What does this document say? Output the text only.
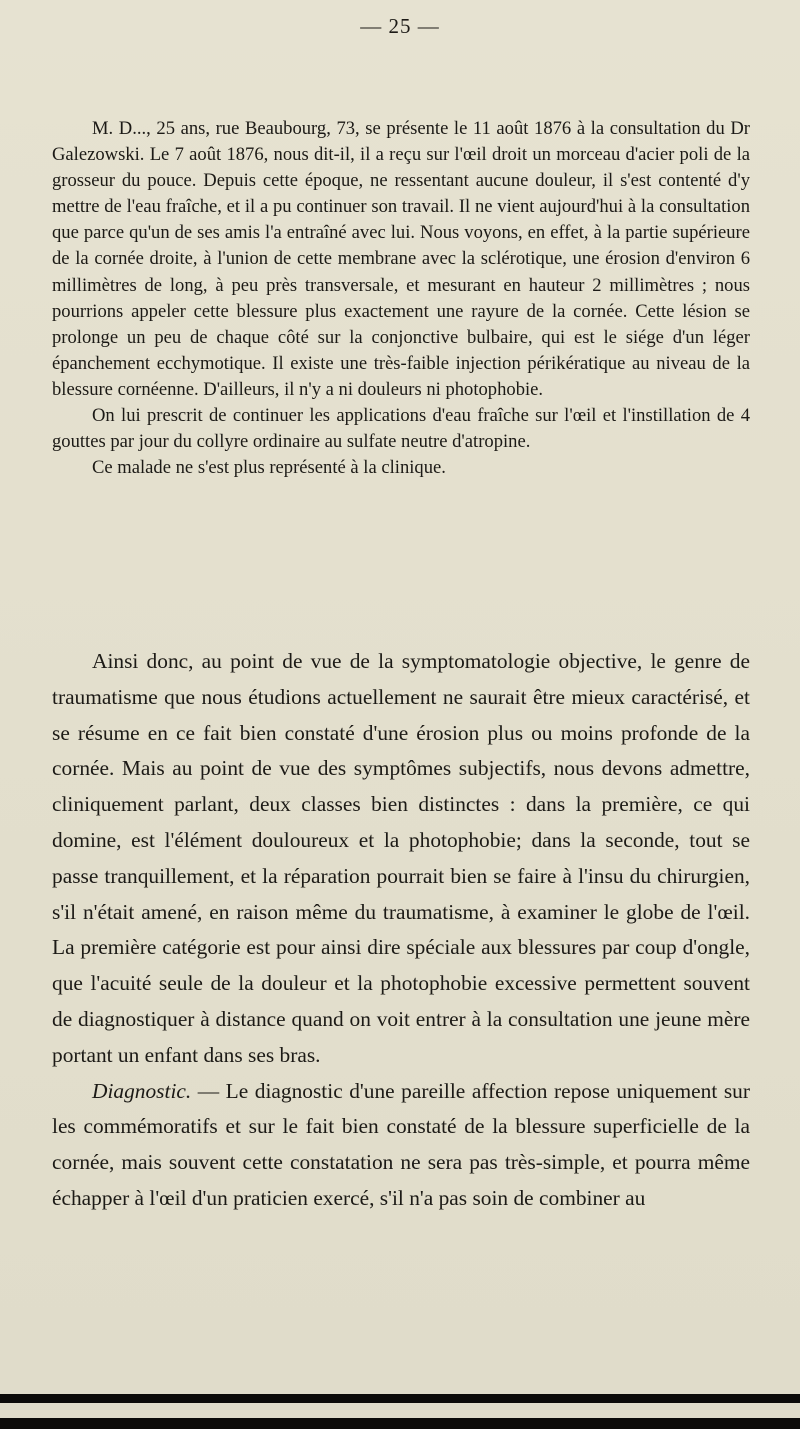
— 25 —

M. D..., 25 ans, rue Beaubourg, 73, se présente le 11 août 1876 à la consultation du Dr Galezowski. Le 7 août 1876, nous dit-il, il a reçu sur l'œil droit un morceau d'acier poli de la grosseur du pouce. Depuis cette époque, ne ressentant aucune douleur, il s'est contenté d'y mettre de l'eau fraîche, et il a pu continuer son travail. Il ne vient aujourd'hui à la consultation que parce qu'un de ses amis l'a entraîné avec lui. Nous voyons, en effet, à la partie supérieure de la cornée droite, à l'union de cette membrane avec la sclérotique, une érosion d'environ 6 millimètres de long, à peu près transversale, et mesurant en hauteur 2 millimètres ; nous pourrions appeler cette blessure plus exactement une rayure de la cornée. Cette lésion se prolonge un peu de chaque côté sur la conjonctive bulbaire, qui est le siége d'un léger épanchement ecchymotique. Il existe une très-faible injection périkératique au niveau de la blessure cornéenne. D'ailleurs, il n'y a ni douleurs ni photophobie.

On lui prescrit de continuer les applications d'eau fraîche sur l'œil et l'instillation de 4 gouttes par jour du collyre ordinaire au sulfate neutre d'atropine.

Ce malade ne s'est plus représenté à la clinique.

Ainsi donc, au point de vue de la symptomatologie objective, le genre de traumatisme que nous étudions actuellement ne saurait être mieux caractérisé, et se résume en ce fait bien constaté d'une érosion plus ou moins profonde de la cornée. Mais au point de vue des symptômes subjectifs, nous devons admettre, cliniquement parlant, deux classes bien distinctes : dans la première, ce qui domine, est l'élément douloureux et la photophobie; dans la seconde, tout se passe tranquillement, et la réparation pourrait bien se faire à l'insu du chirurgien, s'il n'était amené, en raison même du traumatisme, à examiner le globe de l'œil. La première catégorie est pour ainsi dire spéciale aux blessures par coup d'ongle, que l'acuité seule de la douleur et la photophobie excessive permettent souvent de diagnostiquer à distance quand on voit entrer à la consultation une jeune mère portant un enfant dans ses bras.

Diagnostic. — Le diagnostic d'une pareille affection repose uniquement sur les commémoratifs et sur le fait bien constaté de la blessure superficielle de la cornée, mais souvent cette constatation ne sera pas très-simple, et pourra même échapper à l'œil d'un praticien exercé, s'il n'a pas soin de combiner au
